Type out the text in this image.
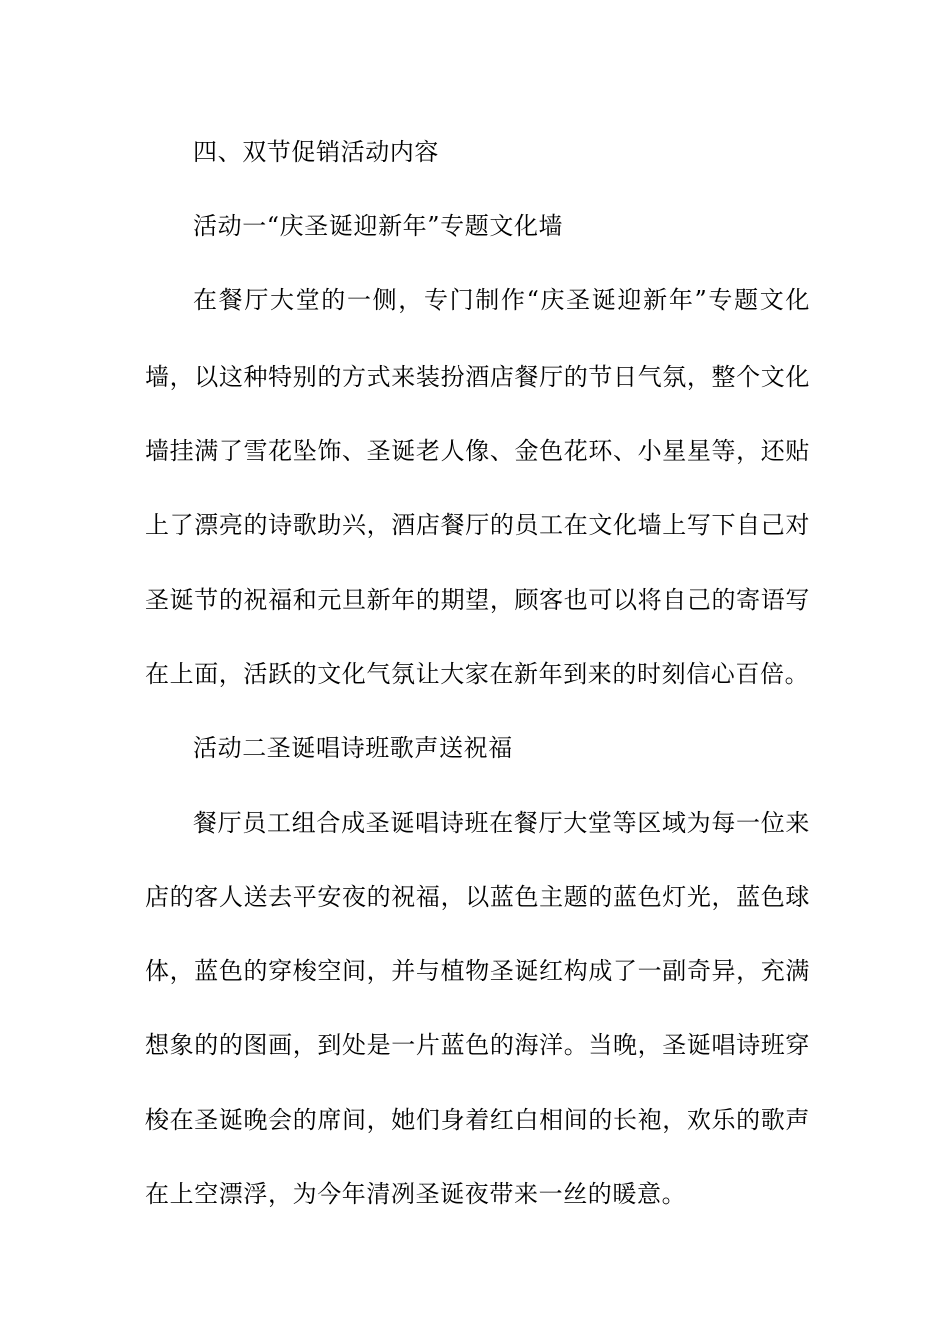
四、双节促销活动内容
活动一“庆圣诞迎新年”专题文化墙
在餐厅大堂的一侧，专门制作“庆圣诞迎新年”专题文化
墙，以这种特别的方式来装扮酒店餐厅的节日气氛，整个文化
墙挂满了雪花坠饰、圣诞老人像、金色花环、小星星等，还贴
上了漂亮的诗歌助兴，酒店餐厅的员工在文化墙上写下自己对
圣诞节的祝福和元旦新年的期望，顾客也可以将自己的寄语写
在上面，活跃的文化气氛让大家在新年到来的时刻信心百倍。
活动二圣诞唱诗班歌声送祝福
餐厅员工组合成圣诞唱诗班在餐厅大堂等区域为每一位来
店的客人送去平安夜的祝福，以蓝色主题的蓝色灯光，蓝色球
体，蓝色的穿梭空间，并与植物圣诞红构成了一副奇异，充满
想象的的图画，到处是一片蓝色的海洋。当晚，圣诞唱诗班穿
梭在圣诞晚会的席间，她们身着红白相间的长袍，欢乐的歌声
在上空漂浮，为今年清冽圣诞夜带来一丝的暖意。
